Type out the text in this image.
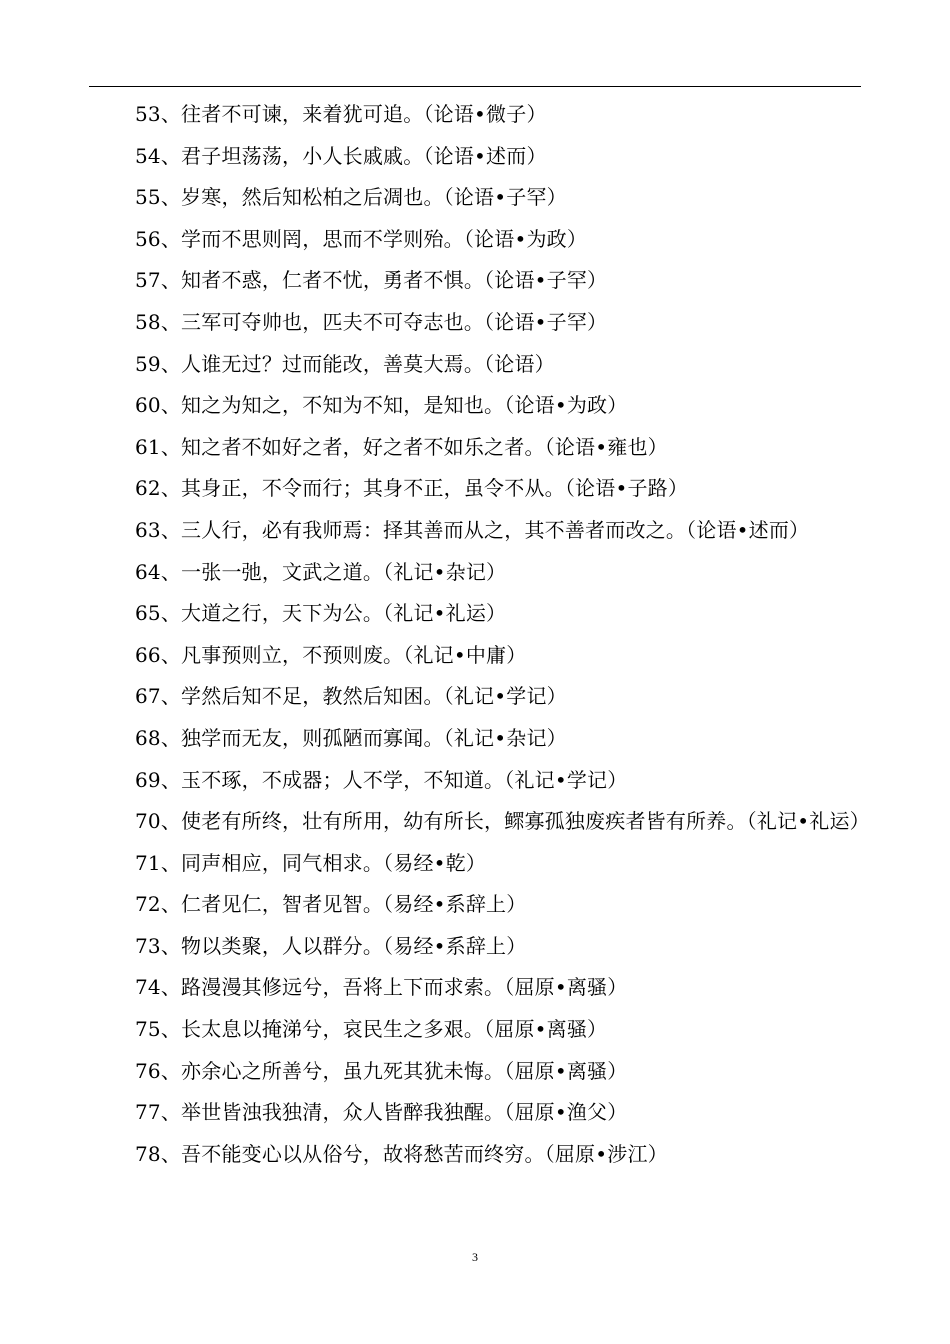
53、往者不可谏，来着犹可追。（论语•微子）

54、君子坦荡荡，小人长戚戚。（论语•述而）

55、岁寒，然后知松柏之后凋也。（论语•子罕）

56、学而不思则罔，思而不学则殆。（论语•为政）

57、知者不惑，仁者不忧，勇者不惧。（论语•子罕）

58、三军可夺帅也，匹夫不可夺志也。（论语•子罕）

59、人谁无过？过而能改，善莫大焉。（论语）

60、知之为知之，不知为不知，是知也。（论语•为政）

61、知之者不如好之者，好之者不如乐之者。（论语•雍也）

62、其身正，不令而行；其身不正，虽令不从。（论语•子路）

63、三人行，必有我师焉：择其善而从之，其不善者而改之。（论语•述而）

64、一张一弛，文武之道。（礼记•杂记）

65、大道之行，天下为公。（礼记•礼运）

66、凡事预则立，不预则废。（礼记•中庸）

67、学然后知不足，教然后知困。（礼记•学记）

68、独学而无友，则孤陋而寡闻。（礼记•杂记）

69、玉不琢，不成器；人不学，不知道。（礼记•学记）

70、使老有所终，壮有所用，幼有所长，鳏寡孤独废疾者皆有所养。（礼记•礼运）

71、同声相应，同气相求。（易经•乾）

72、仁者见仁，智者见智。（易经•系辞上）

73、物以类聚，人以群分。（易经•系辞上）

74、路漫漫其修远兮，吾将上下而求索。（屈原•离骚）

75、长太息以掩涕兮，哀民生之多艰。（屈原•离骚）

76、亦余心之所善兮，虽九死其犹未悔。（屈原•离骚）

77、举世皆浊我独清，众人皆醉我独醒。（屈原•渔父）

78、吾不能变心以从俗兮，故将愁苦而终穷。（屈原•涉江）

3
